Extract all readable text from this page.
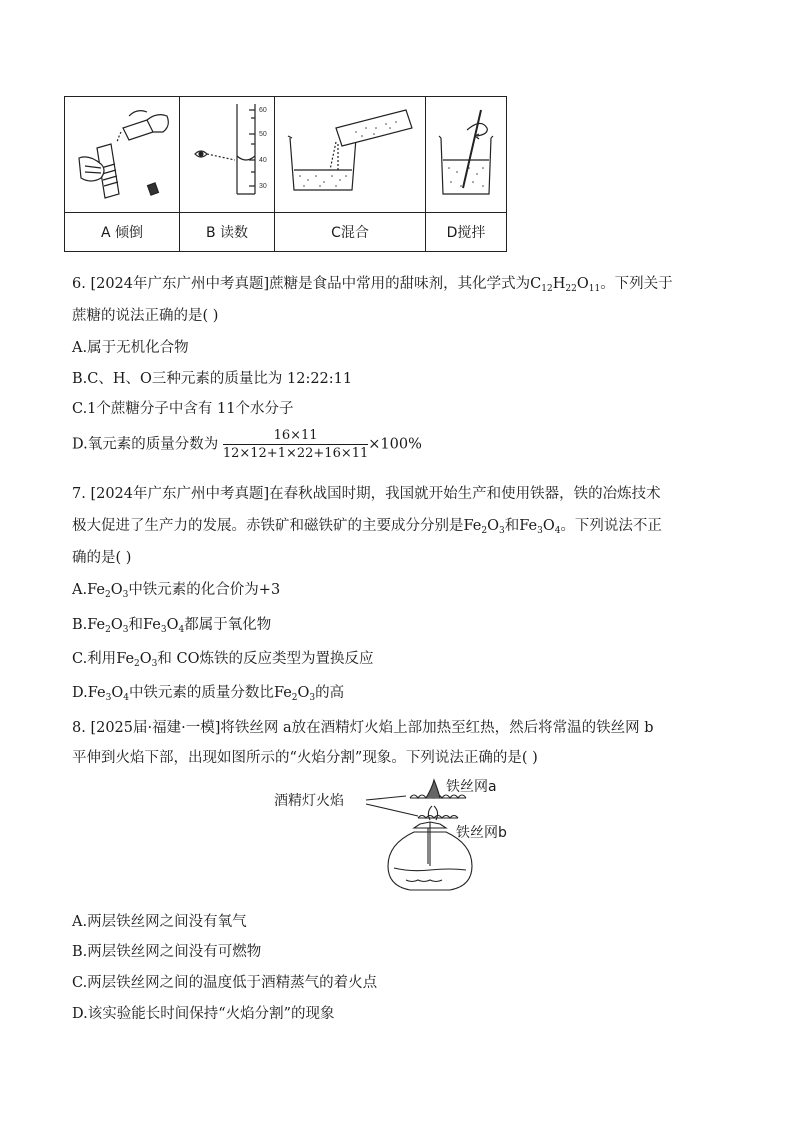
60
50
40
30

A 倾倒	B 读数	C混合	D搅拌
6. [2024年广东广州中考真题]蔗糖是食品中常用的甜味剂，其化学式为$C_{12}H_{22}O_{11}$。下列关于
蔗糖的说法正确的是( )
A.属于无机化合物
B.C、H、O三种元素的质量比为 12:22:11
C.1个蔗糖分子中含有 11个水分子
D.氧元素的质量分数为 $\frac{16\times 11}{12\times 12+1\times 22+16\times 11} \times 100\%$
7. [2024年广东广州中考真题]在春秋战国时期，我国就开始生产和使用铁器，铁的冶炼技术
极大促进了生产力的发展。赤铁矿和磁铁矿的主要成分分别是$Fe_2O_3$和$Fe_3O_4$。下列说法不正
确的是( )
$A.Fe_2O_3$中铁元素的化合价为+3
$B.Fe_2O_3$和$Fe_3O_4$都属于氧化物
C.利用$Fe_2O_3$和 CO炼铁的反应类型为置换反应
$D.Fe_3O_4$中铁元素的质量分数比$Fe_2O_3$的高
8. [2025届·福建·一模]将铁丝网 a放在酒精灯火焰上部加热至红热，然后将常温的铁丝网 b
平伸到火焰下部，出现如图所示的“火焰分割”现象。下列说法正确的是( )
酒精灯火焰
铁丝网a
铁丝网b
A.两层铁丝网之间没有氧气
B.两层铁丝网之间没有可燃物
C.两层铁丝网之间的温度低于酒精蒸气的着火点
D.该实验能长时间保持“火焰分割”的现象
